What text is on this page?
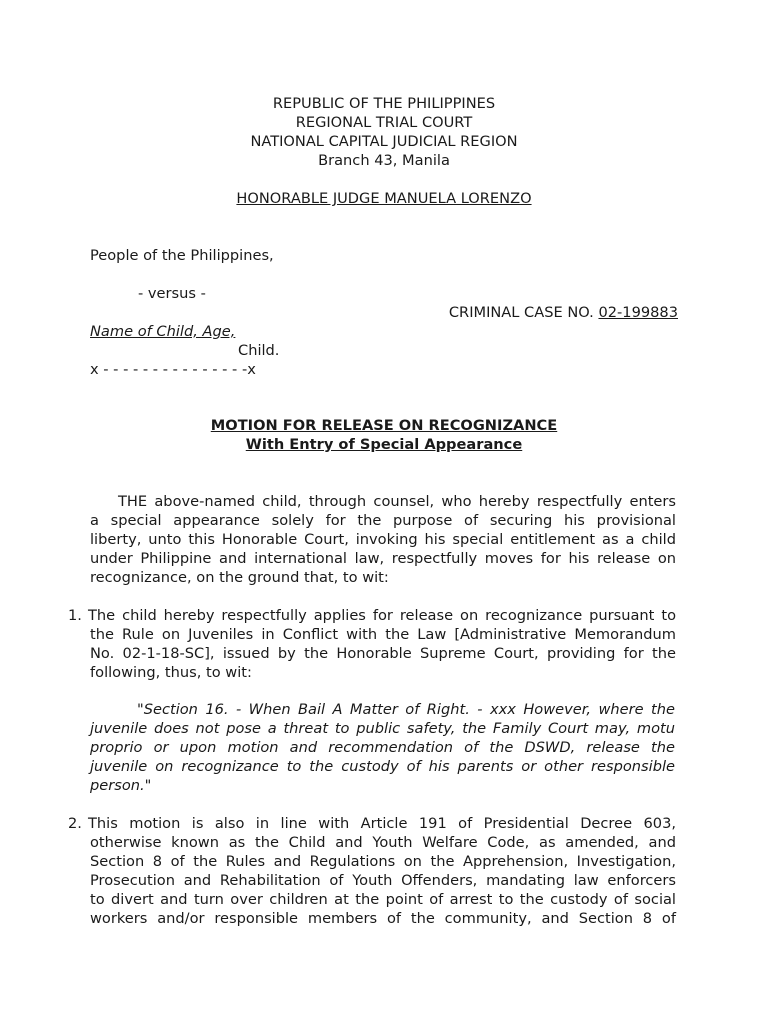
REPUBLIC OF THE PHILIPPINES
REGIONAL TRIAL COURT
NATIONAL CAPITAL JUDICIAL REGION
Branch 43, Manila
HONORABLE JUDGE MANUELA LORENZO
People of the Philippines,
- versus -
CRIMINAL CASE NO. 02-199883
Name of Child, Age,
Child.
x - - - - - - - - - - - - - - -x
MOTION FOR RELEASE ON RECOGNIZANCE
With Entry of Special Appearance
THE above-named child, through counsel, who hereby respectfully enters
a special appearance solely for the purpose of securing his provisional
liberty, unto this Honorable Court, invoking his special entitlement as a child
under Philippine and international law, respectfully moves for his release on
recognizance, on the ground that, to wit:
1. The child hereby respectfully applies for release on recognizance pursuant to
the Rule on Juveniles in Conflict with the Law [Administrative Memorandum
No. 02-1-18-SC], issued by the Honorable Supreme Court, providing for the
following, thus, to wit:
"Section 16. - When Bail A Matter of Right. - xxx However, where the
juvenile does not pose a threat to public safety, the Family Court may, motu
proprio or upon motion and recommendation of the DSWD, release the
juvenile on recognizance to the custody of his parents or other responsible
person."
2. This motion is also in line with Article 191 of Presidential Decree 603,
otherwise known as the Child and Youth Welfare Code, as amended, and
Section 8 of the Rules and Regulations on the Apprehension, Investigation,
Prosecution and Rehabilitation of Youth Offenders, mandating law enforcers
to divert and turn over children at the point of arrest to the custody of social
workers and/or responsible members of the community, and Section 8 of
